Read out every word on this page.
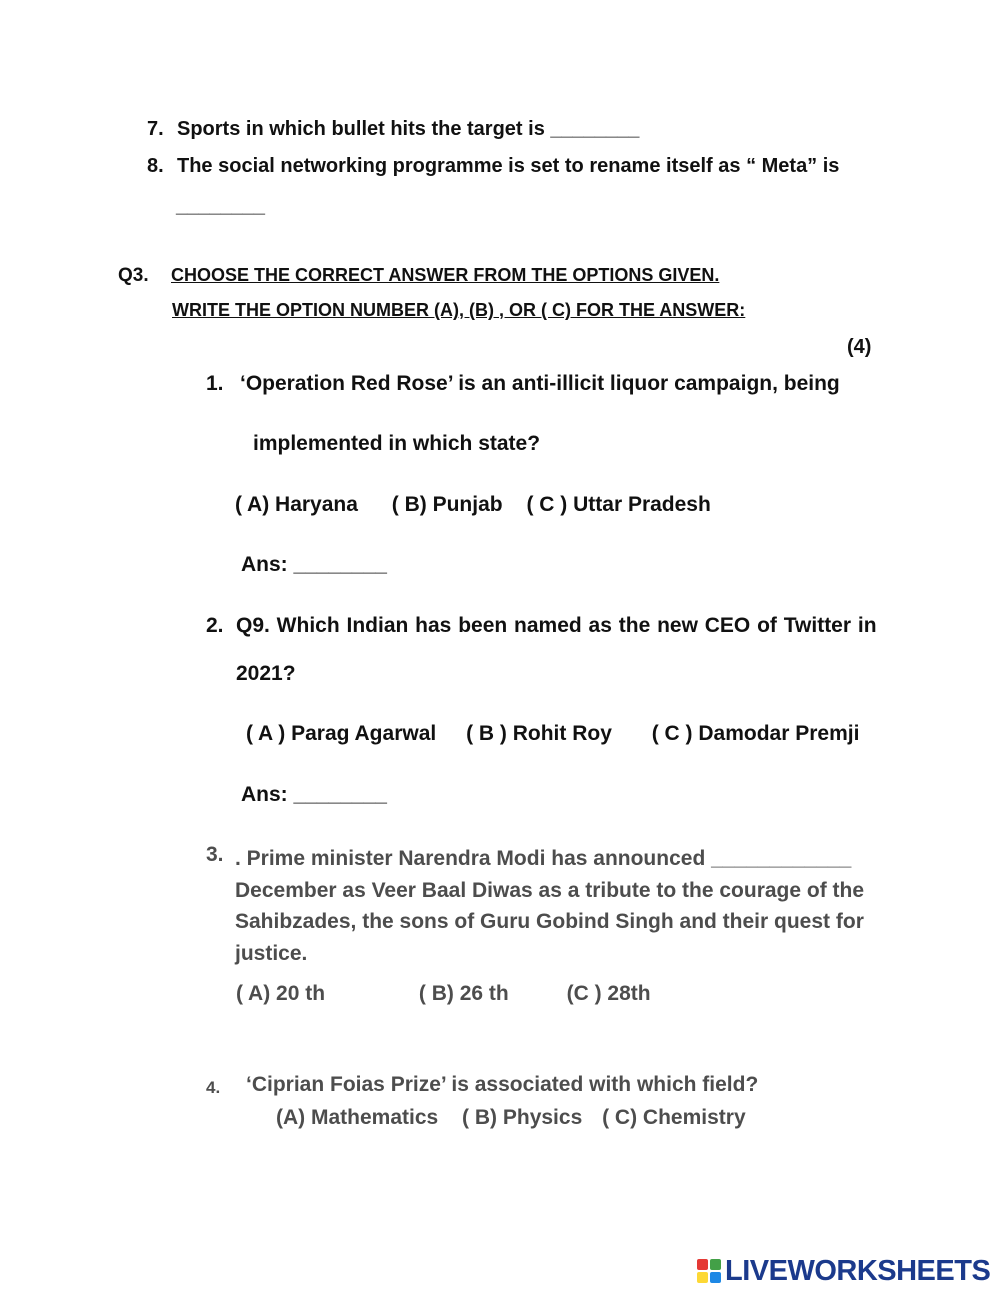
7. Sports in which bullet hits the target is ________
8. The social networking programme is set to rename itself as “ Meta” is
________
Q3. CHOOSE THE CORRECT ANSWER FROM THE OPTIONS GIVEN.
WRITE THE OPTION NUMBER (A), (B) , OR ( C) FOR THE ANSWER:
(4)
1. ‘Operation Red Rose’ is an anti-illicit liquor campaign, being
implemented in which state?
( A) Haryana ( B) Punjab ( C ) Uttar Pradesh
Ans: ________
2. Q9. Which Indian has been named as the new CEO of Twitter in
2021?
( A ) Parag Agarwal ( B ) Rohit Roy ( C ) Damodar Premji
Ans: ________
3. . Prime minister Narendra Modi has announced ____________ December as Veer Baal Diwas as a tribute to the courage of the Sahibzades, the sons of Guru Gobind Singh and their quest for justice.
( A) 20 th	( B) 26 th	(C ) 28th
4. ‘Ciprian Foias Prize’ is associated with which field?
(A) Mathematics ( B) Physics ( C) Chemistry
LIVEWORKSHEETS
